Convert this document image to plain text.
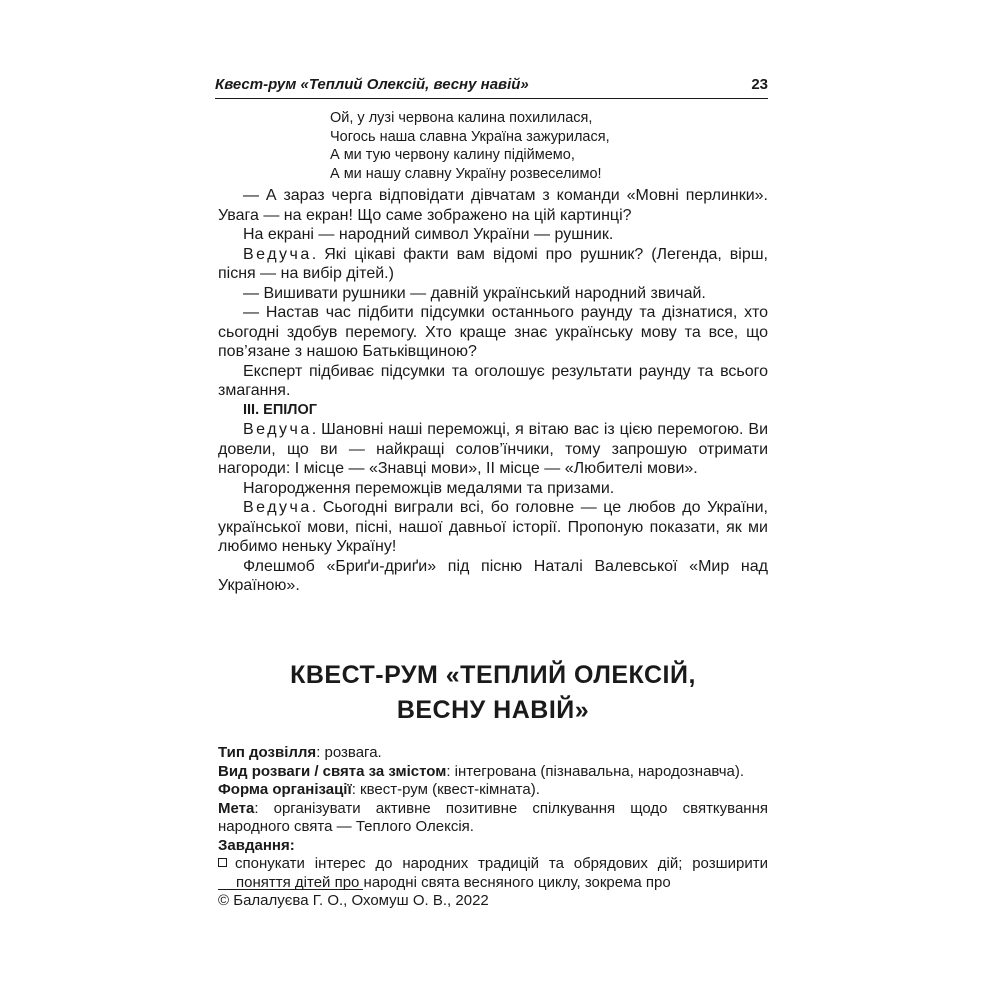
Квест-рум «Теплий Олексій, весну навій»	23
Ой, у лузі червона калина похилилася,
Чогось наша славна Україна зажурилася,
А ми тую червону калину підіймемо,
А ми нашу славну Україну розвеселимо!

— А зараз черга відповідати дівчатам з команди «Мовні перлинки». Увага — на екран! Що саме зображено на цій картинці?

На екрані — народний символ України — рушник.

Ведуча. Які цікаві факти вам відомі про рушник? (Легенда, вірш, пісня — на вибір дітей.)

— Вишивати рушники — давній український народний звичай.

— Настав час підбити підсумки останнього раунду та дізнатися, хто сьогодні здобув перемогу. Хто краще знає українську мову та все, що пов’язане з нашою Батьківщиною?

Експерт підбиває підсумки та оголошує результати раунду та всього змагання.

III. ЕПІЛОГ

Ведуча. Шановні наші переможці, я вітаю вас із цією перемогою. Ви довели, що ви — найкращі солов’їнчики, тому запрошую отримати нагороди: І місце — «Знавці мови», ІІ місце — «Любителі мови».

Нагородження переможців медалями та призами.

Ведуча. Сьогодні виграли всі, бо головне — це любов до України, української мови, пісні, нашої давньої історії. Пропоную показати, як ми любимо неньку Україну!

Флешмоб «Бриґи-дриґи» під пісню Наталі Валевської «Мир над Україною».

КВЕСТ-РУМ «ТЕПЛИЙ ОЛЕКСІЙ,
ВЕСНУ НАВІЙ»

Тип дозвілля: розвага.

Вид розваги / свята за змістом: інтегрована (пізнавальна, народознавча).

Форма організації: квест-рум (квест-кімната).

Мета: організувати активне позитивне спілкування щодо святкування народного свята — Теплого Олексія.

Завдання:

спонукати інтерес до народних традицій та обрядових дій; розширити поняття дітей про народні свята весняного циклу, зокрема про

© Балалуєва Г. О., Охомуш О. В., 2022
